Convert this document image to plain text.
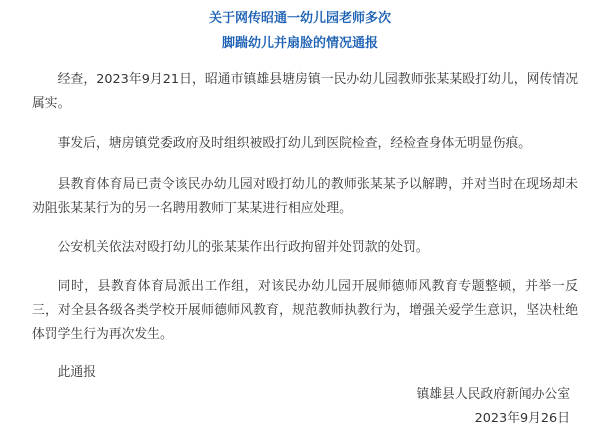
关于网传昭通一幼儿园老师多次
脚踹幼儿并扇脸的情况通报

经查，2023年9月21日，昭通市镇雄县塘房镇一民办幼儿园教师张某某殴打幼儿，网传情况属实。

事发后，塘房镇党委政府及时组织被殴打幼儿到医院检查，经检查身体无明显伤痕。

县教育体育局已责令该民办幼儿园对殴打幼儿的教师张某某予以解聘，并对当时在现场却未劝阻张某某行为的另一名聘用教师丁某某进行相应处理。

公安机关依法对殴打幼儿的张某某作出行政拘留并处罚款的处罚。

同时，县教育体育局派出工作组，对该民办幼儿园开展师德师风教育专题整顿，并举一反三，对全县各级各类学校开展师德师风教育，规范教师执教行为，增强关爱学生意识，坚决杜绝体罚学生行为再次发生。

此通报

镇雄县人民政府新闻办公室

2023年9月26日
